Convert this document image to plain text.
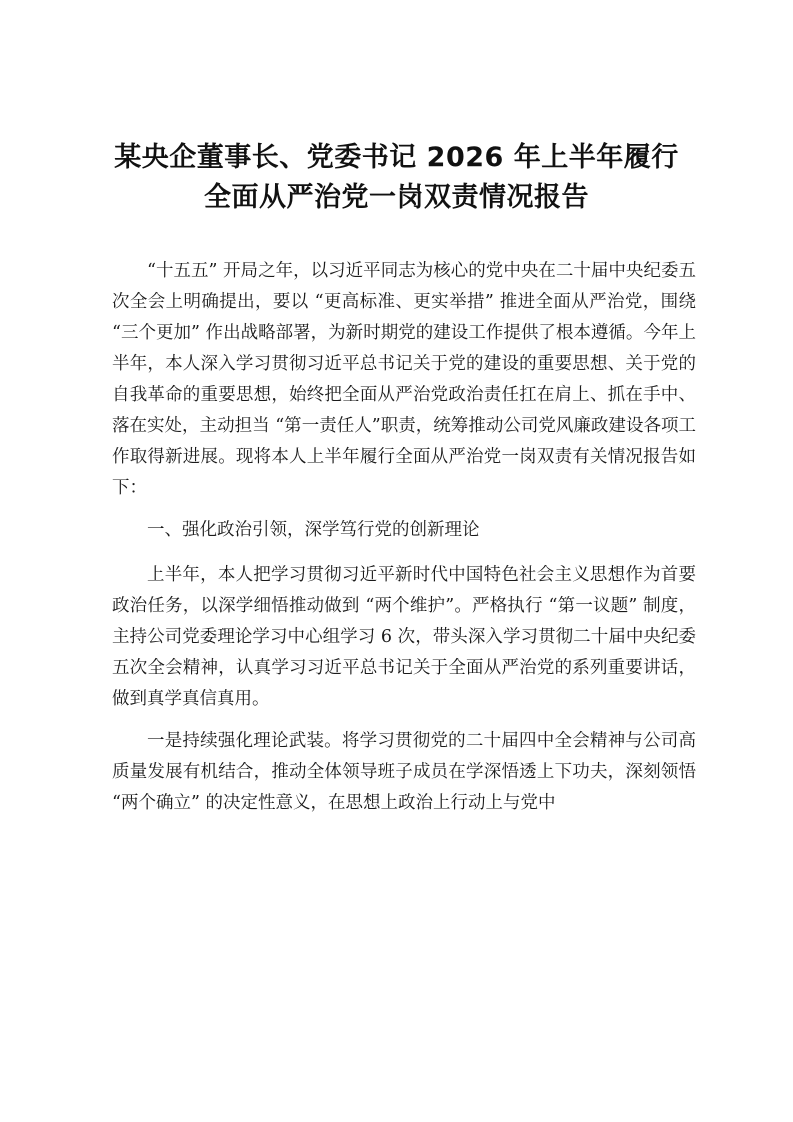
某央企董事长、党委书记 2026 年上半年履行
全面从严治党一岗双责情况报告

“十五五” 开局之年，以习近平同志为核心的党中央在二十届中央纪委五次全会上明确提出，要以 “更高标准、更实举措” 推进全面从严治党，围绕 “三个更加” 作出战略部署，为新时期党的建设工作提供了根本遵循。今年上半年，本人深入学习贯彻习近平总书记关于党的建设的重要思想、关于党的自我革命的重要思想，始终把全面从严治党政治责任扛在肩上、抓在手中、落在实处，主动担当 “第一责任人”职责，统筹推动公司党风廉政建设各项工作取得新进展。现将本人上半年履行全面从严治党一岗双责有关情况报告如下：

一、强化政治引领，深学笃行党的创新理论

上半年，本人把学习贯彻习近平新时代中国特色社会主义思想作为首要政治任务，以深学细悟推动做到 “两个维护”。严格执行 “第一议题” 制度，主持公司党委理论学习中心组学习 6 次，带头深入学习贯彻二十届中央纪委五次全会精神，认真学习习近平总书记关于全面从严治党的系列重要讲话，做到真学真信真用。

一是持续强化理论武装。将学习贯彻党的二十届四中全会精神与公司高质量发展有机结合，推动全体领导班子成员在学深悟透上下功夫，深刻领悟 “两个确立” 的决定性意义，在思想上政治上行动上与党中
